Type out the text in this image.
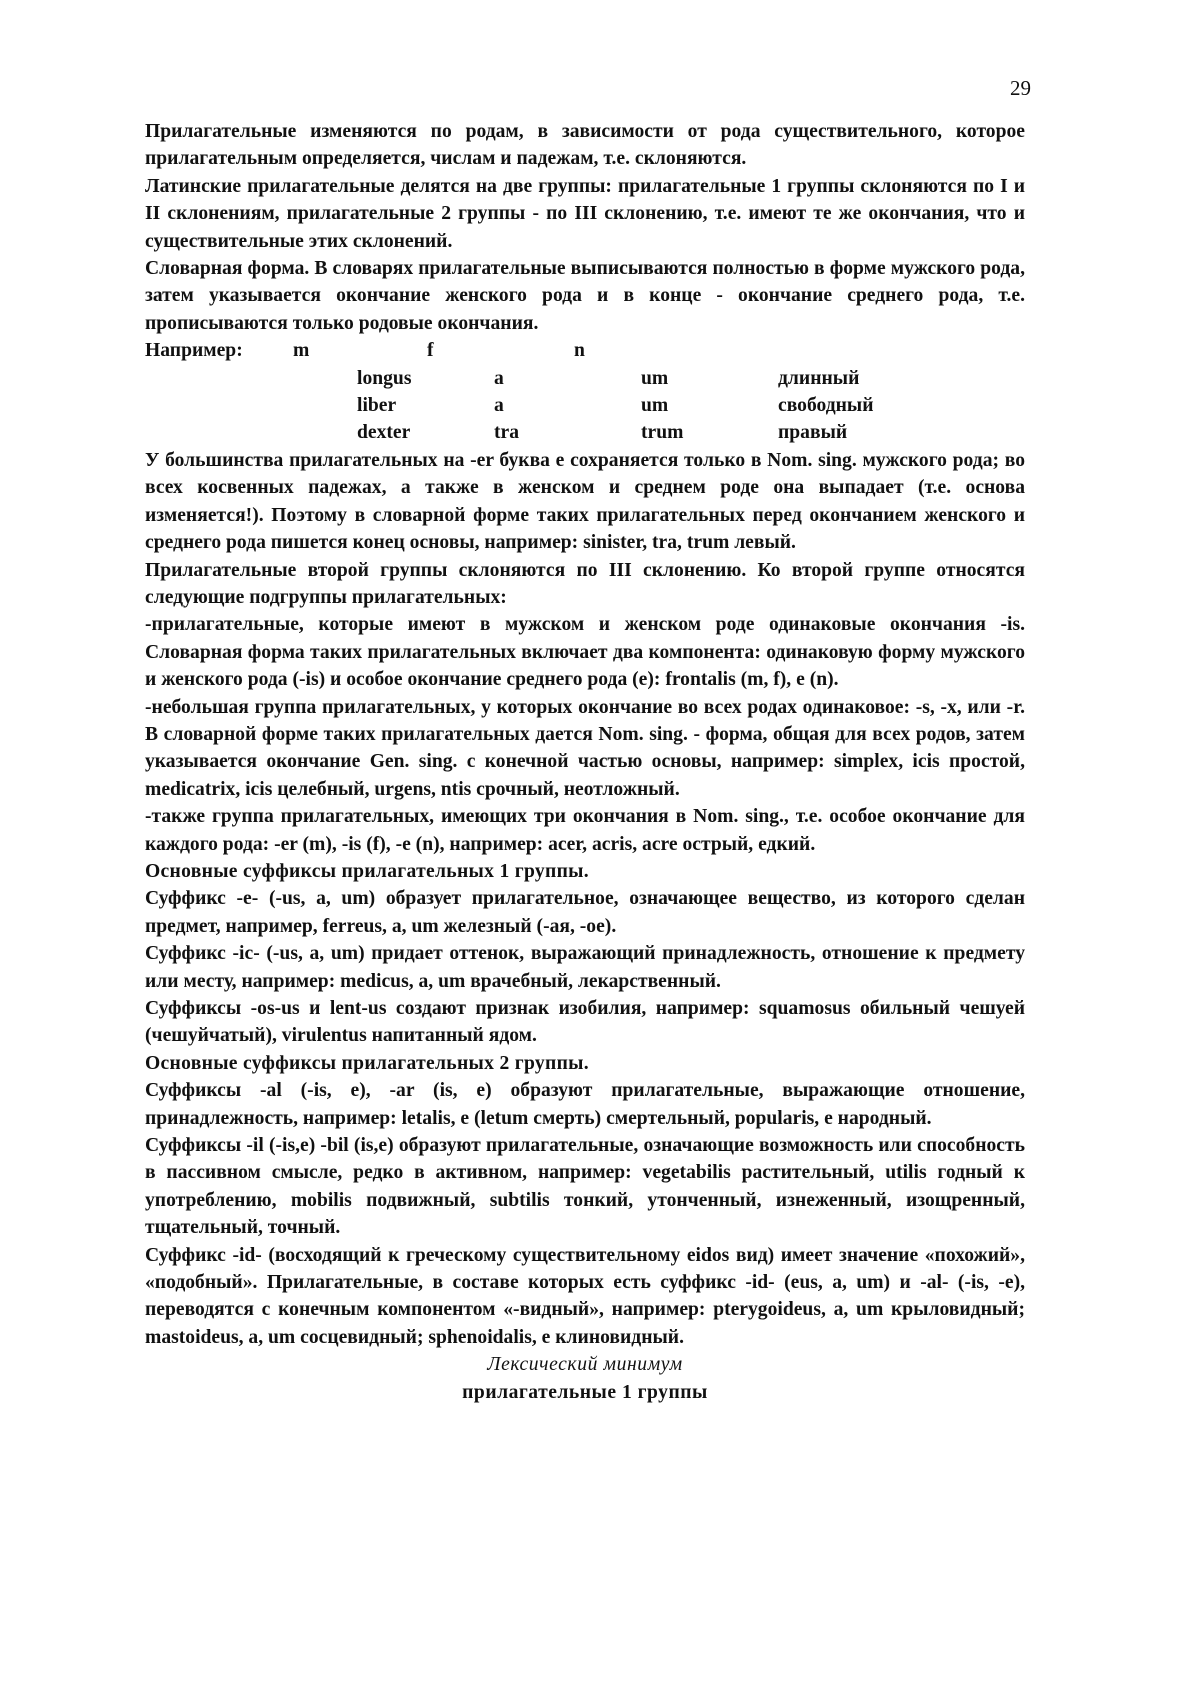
29

Прилагательные изменяются по родам, в зависимости от рода существительного, которое прилагательным определяется, числам и падежам, т.е. склоняются.

Латинские прилагательные делятся на две группы: прилагательные 1 группы склоняются по I и II склонениям, прилагательные 2 группы - по III склонению, т.е. имеют те же окончания, что и существительные этих склонений.

Словарная форма. В словарях прилагательные выписываются полностью в форме мужского рода, затем указывается окончание женского рода и в конце - окончание среднего рода, т.е. прописываются только родовые окончания.

Например:	m	f	n
longus	a	um	длинный
liber	a	um	свободный
dexter	tra	trum	правый

У большинства прилагательных на -er буква e сохраняется только в Nom. sing. мужского рода; во всех косвенных падежах, а также в женском и среднем роде она выпадает (т.е. основа изменяется!). Поэтому в словарной форме таких прилагательных перед окончанием женского и среднего рода пишется конец основы, например: sinister, tra, trum левый.

Прилагательные второй группы склоняются по III склонению. Ко второй группе относятся следующие подгруппы прилагательных:

-прилагательные, которые имеют в мужском и женском роде одинаковые окончания -is. Словарная форма таких прилагательных включает два компонента: одинаковую форму мужского и женского рода (-is) и особое окончание среднего рода (e): frontalis (m, f), e (n).

-небольшая группа прилагательных, у которых окончание во всех родах одинаковое: -s, -x, или -r. В словарной форме таких прилагательных дается Nom. sing. - форма, общая для всех родов, затем указывается окончание Gen. sing. с конечной частью основы, например: simplex, icis простой, medicatrix, icis целебный, urgens, ntis срочный, неотложный.

-также группа прилагательных, имеющих три окончания в Nom. sing., т.е. особое окончание для каждого рода: -er (m), -is (f), -e (n), например: acer, acris, acre острый, едкий.

Основные суффиксы прилагательных 1 группы.

Суффикс -e- (-us, a, um) образует прилагательное, означающее вещество, из которого сделан предмет, например, ferreus, a, um железный (-ая, -ое).

Суффикс -ic- (-us, a, um) придает оттенок, выражающий принадлежность, отношение к предмету или месту, например: medicus, a, um врачебный, лекарственный.

Суффиксы -os-us и lent-us создают признак изобилия, например: squamosus обильный чешуей (чешуйчатый), virulentus напитанный ядом.

Основные суффиксы прилагательных 2 группы.

Суффиксы -al (-is, e), -ar (is, e) образуют прилагательные, выражающие отношение, принадлежность, например: letalis, e (letum смерть) смертельный, popularis, e народный.

Суффиксы -il (-is,e) -bil (is,e) образуют прилагательные, означающие возможность или способность в пассивном смысле, редко в активном, например: vegetabilis растительный, utilis годный к употреблению, mobilis подвижный, subtilis тонкий, утонченный, изнеженный, изощренный, тщательный, точный.

Суффикс -id- (восходящий к греческому существительному eidos вид) имеет значение «похожий», «подобный». Прилагательные, в составе которых есть суффикс -id- (eus, a, um) и -al- (-is, -e), переводятся с конечным компонентом «-видный», например: pterygoideus, a, um крыловидный; mastoideus, a, um сосцевидный; sphenoidalis, e клиновидный.

Лексический минимум

прилагательные 1 группы
